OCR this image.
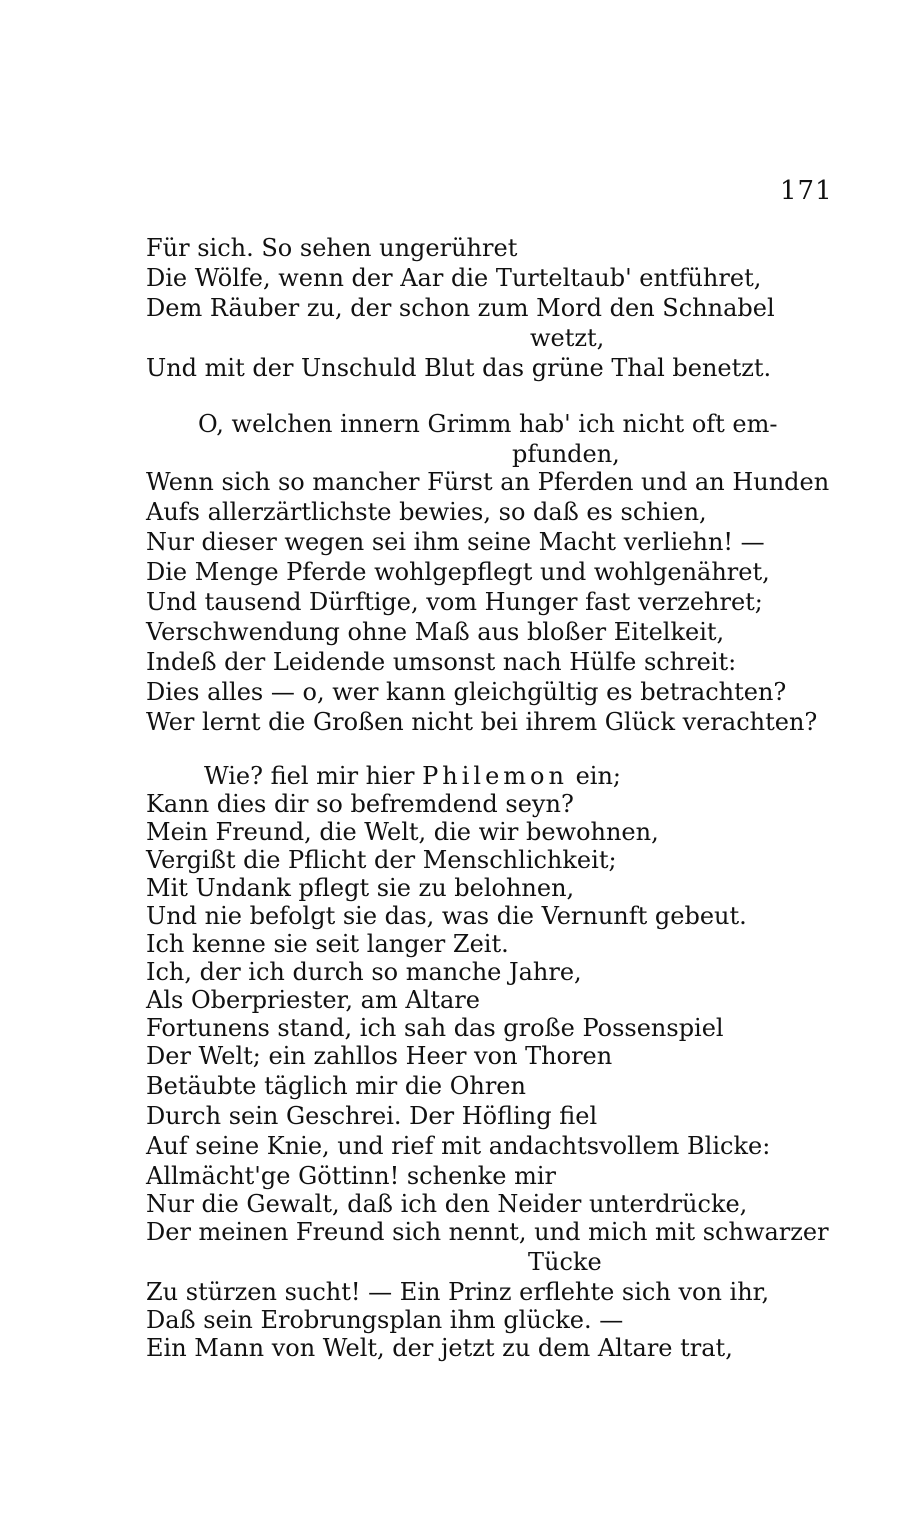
171
Für sich. So sehen ungerühret
Die Wölfe, wenn der Aar die Turteltaub' entführet,
Dem Räuber zu, der schon zum Mord den Schnabel
wetzt,
Und mit der Unschuld Blut das grüne Thal benetzt.
O, welchen innern Grimm hab' ich nicht oft em-
pfunden,
Wenn sich so mancher Fürst an Pferden und an Hunden
Aufs allerzärtlichste bewies, so daß es schien,
Nur dieser wegen sei ihm seine Macht verliehn! —
Die Menge Pferde wohlgepflegt und wohlgenähret,
Und tausend Dürftige, vom Hunger fast verzehret;
Verschwendung ohne Maß aus bloßer Eitelkeit,
Indeß der Leidende umsonst nach Hülfe schreit:
Dies alles — o, wer kann gleichgültig es betrachten?
Wer lernt die Großen nicht bei ihrem Glück verachten?
Wie? fiel mir hier Philemon ein;
Kann dies dir so befremdend seyn?
Mein Freund, die Welt, die wir bewohnen,
Vergißt die Pflicht der Menschlichkeit;
Mit Undank pflegt sie zu belohnen,
Und nie befolgt sie das, was die Vernunft gebeut.
Ich kenne sie seit langer Zeit.
Ich, der ich durch so manche Jahre,
Als Oberpriester, am Altare
Fortunens stand, ich sah das große Possenspiel
Der Welt; ein zahllos Heer von Thoren
Betäubte täglich mir die Ohren
Durch sein Geschrei. Der Höfling fiel
Auf seine Knie, und rief mit andachtsvollem Blicke:
Allmächt'ge Göttinn! schenke mir
Nur die Gewalt, daß ich den Neider unterdrücke,
Der meinen Freund sich nennt, und mich mit schwarzer
Tücke
Zu stürzen sucht! — Ein Prinz erflehte sich von ihr,
Daß sein Erobrungsplan ihm glücke. —
Ein Mann von Welt, der jetzt zu dem Altare trat,
